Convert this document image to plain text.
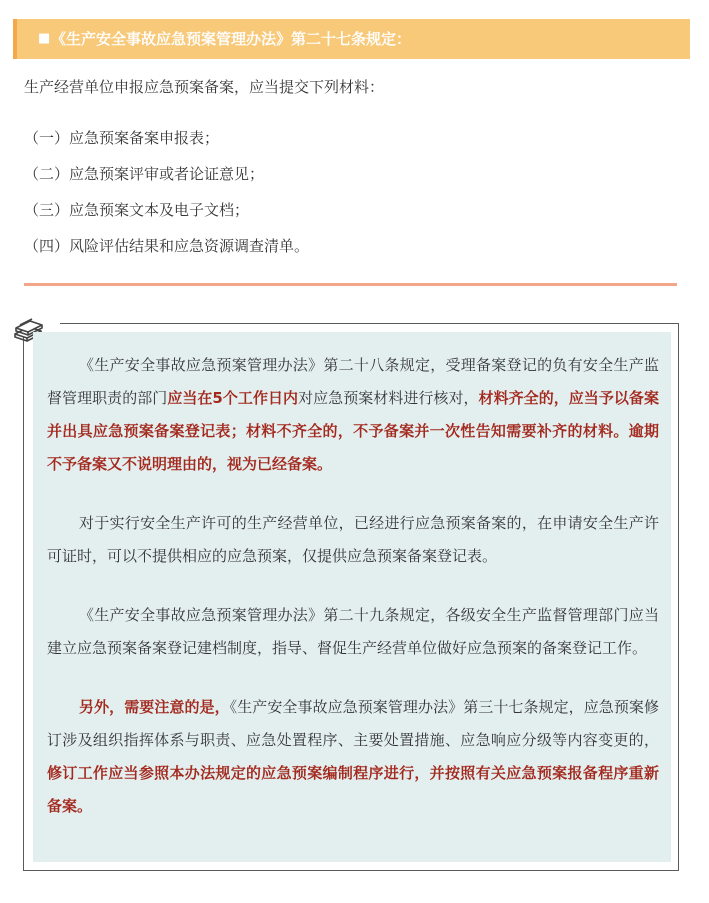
■ 《生产安全事故应急预案管理办法》第二十七条规定：
生产经营单位申报应急预案备案，应当提交下列材料：
（一）应急预案备案申报表；
（二）应急预案评审或者论证意见；
（三）应急预案文本及电子文档；
（四）风险评估结果和应急资源调查清单。

《生产安全事故应急预案管理办法》第二十八条规定，受理备案登记的负有安全生产监督管理职责的部门应当在5个工作日内对应急预案材料进行核对，材料齐全的，应当予以备案并出具应急预案备案登记表；材料不齐全的，不予备案并一次性告知需要补齐的材料。逾期不予备案又不说明理由的，视为已经备案。

对于实行安全生产许可的生产经营单位，已经进行应急预案备案的，在申请安全生产许可证时，可以不提供相应的应急预案，仅提供应急预案备案登记表。

《生产安全事故应急预案管理办法》第二十九条规定，各级安全生产监督管理部门应当建立应急预案备案登记建档制度，指导、督促生产经营单位做好应急预案的备案登记工作。

另外，需要注意的是，《生产安全事故应急预案管理办法》第三十七条规定，应急预案修订涉及组织指挥体系与职责、应急处置程序、主要处置措施、应急响应分级等内容变更的，修订工作应当参照本办法规定的应急预案编制程序进行，并按照有关应急预案报备程序重新备案。
